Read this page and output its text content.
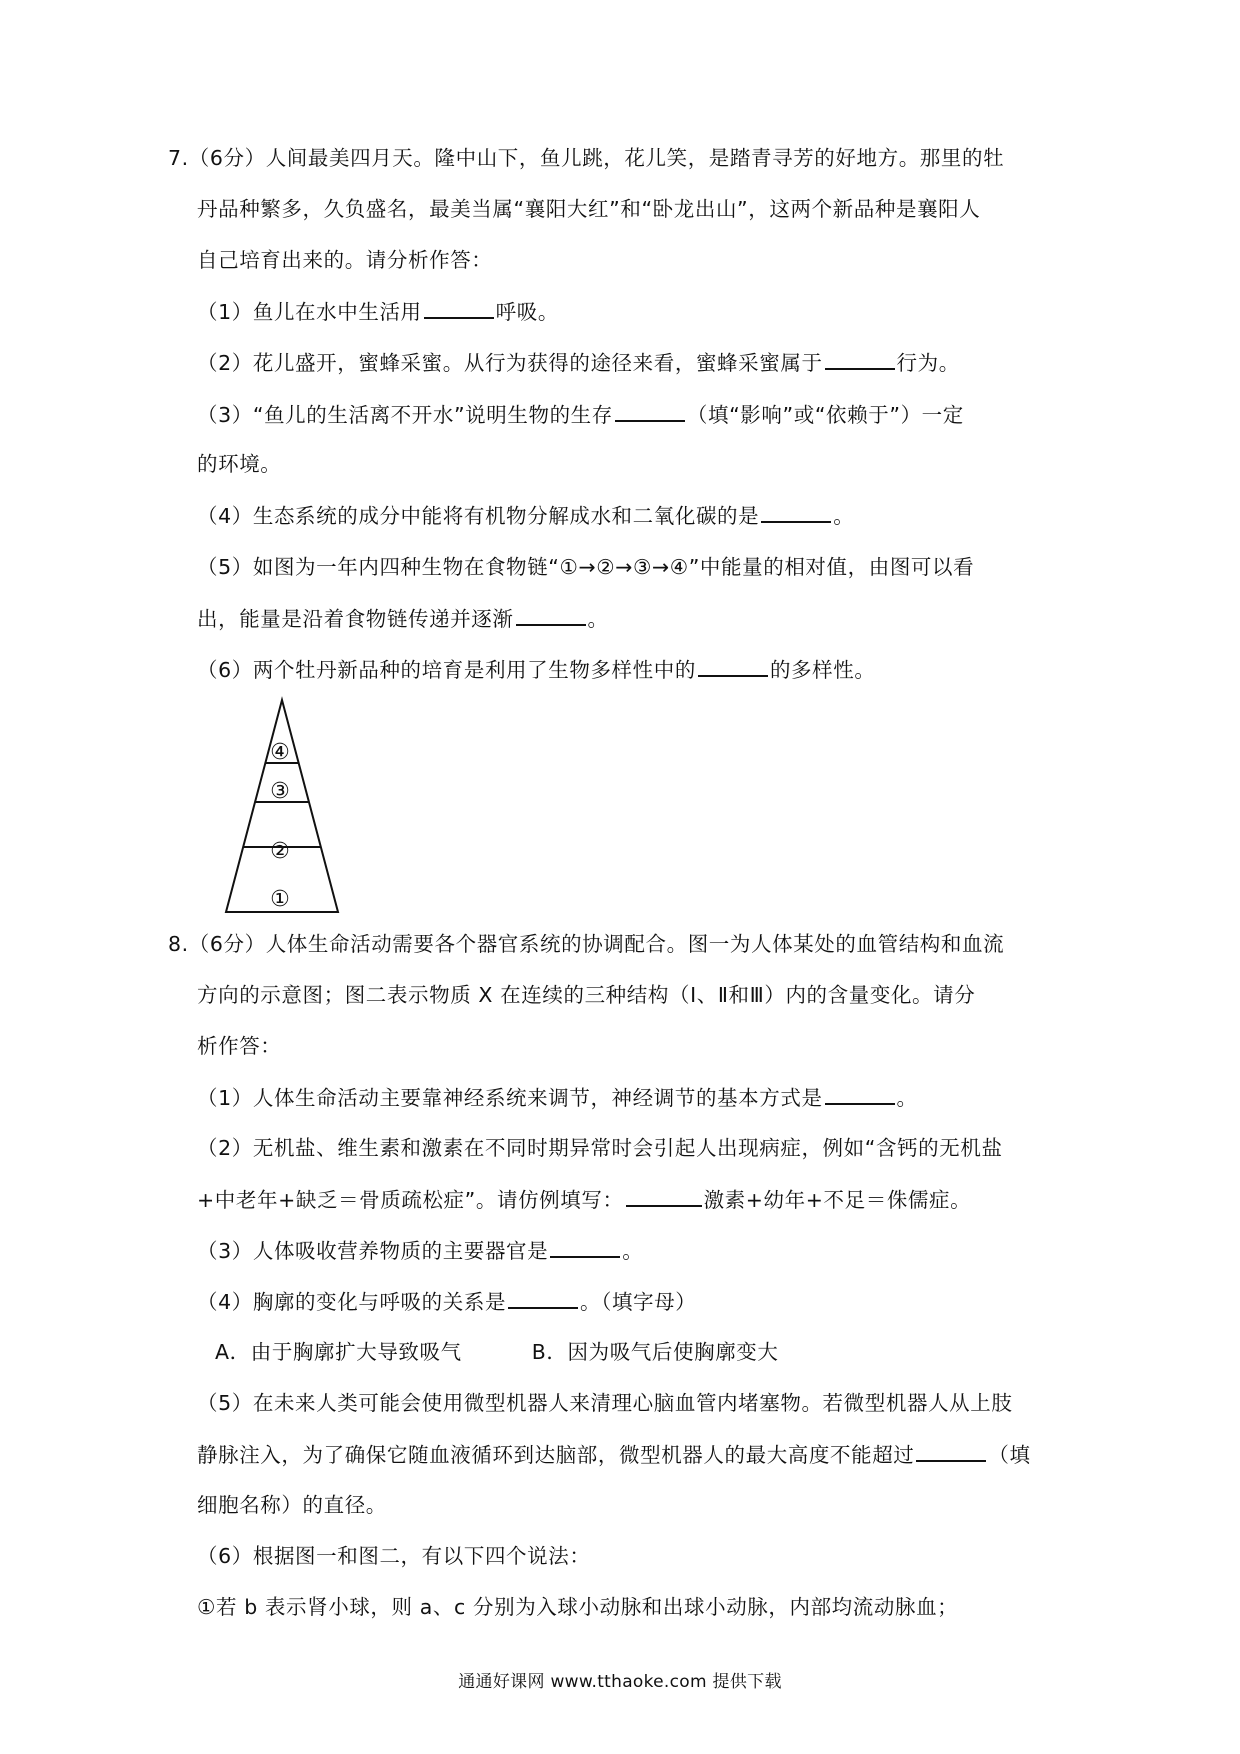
7.（6分）人间最美四月天。隆中山下，鱼儿跳，花儿笑，是踏青寻芳的好地方。那里的牡
丹品种繁多，久负盛名，最美当属“襄阳大红”和“卧龙出山”，这两个新品种是襄阳人
自己培育出来的。请分析作答：
（1）鱼儿在水中生活用	呼吸。
（2）花儿盛开，蜜蜂采蜜。从行为获得的途径来看，蜜蜂采蜜属于	行为。
（3）“鱼儿的生活离不开水”说明生物的生存	（填“影响”或“依赖于”）一定
的环境。
（4）生态系统的成分中能将有机物分解成水和二氧化碳的是	。
（5）如图为一年内四种生物在食物链“①→②→③→④”中能量的相对值，由图可以看
出，能量是沿着食物链传递并逐渐	。
（6）两个牡丹新品种的培育是利用了生物多样性中的	的多样性。
④
③
②
①
8.（6分）人体生命活动需要各个器官系统的协调配合。图一为人体某处的血管结构和血流
方向的示意图；图二表示物质 X 在连续的三种结构（Ⅰ、Ⅱ和Ⅲ）内的含量变化。请分
析作答：
（1）人体生命活动主要靠神经系统来调节，神经调节的基本方式是	。
（2）无机盐、维生素和激素在不同时期异常时会引起人出现病症，例如“含钙的无机盐
+中老年+缺乏＝骨质疏松症”。请仿例填写：	激素+幼年+不足＝侏儒症。
（3）人体吸收营养物质的主要器官是	。
（4）胸廓的变化与呼吸的关系是	。（填字母）
A．由于胸廓扩大导致吸气	B．因为吸气后使胸廓变大
（5）在未来人类可能会使用微型机器人来清理心脑血管内堵塞物。若微型机器人从上肢
静脉注入，为了确保它随血液循环到达脑部，微型机器人的最大高度不能超过	（填
细胞名称）的直径。
（6）根据图一和图二，有以下四个说法：
①若 b 表示肾小球，则 a、c 分别为入球小动脉和出球小动脉，内部均流动脉血；
通通好课网 www.tthaoke.com 提供下载
